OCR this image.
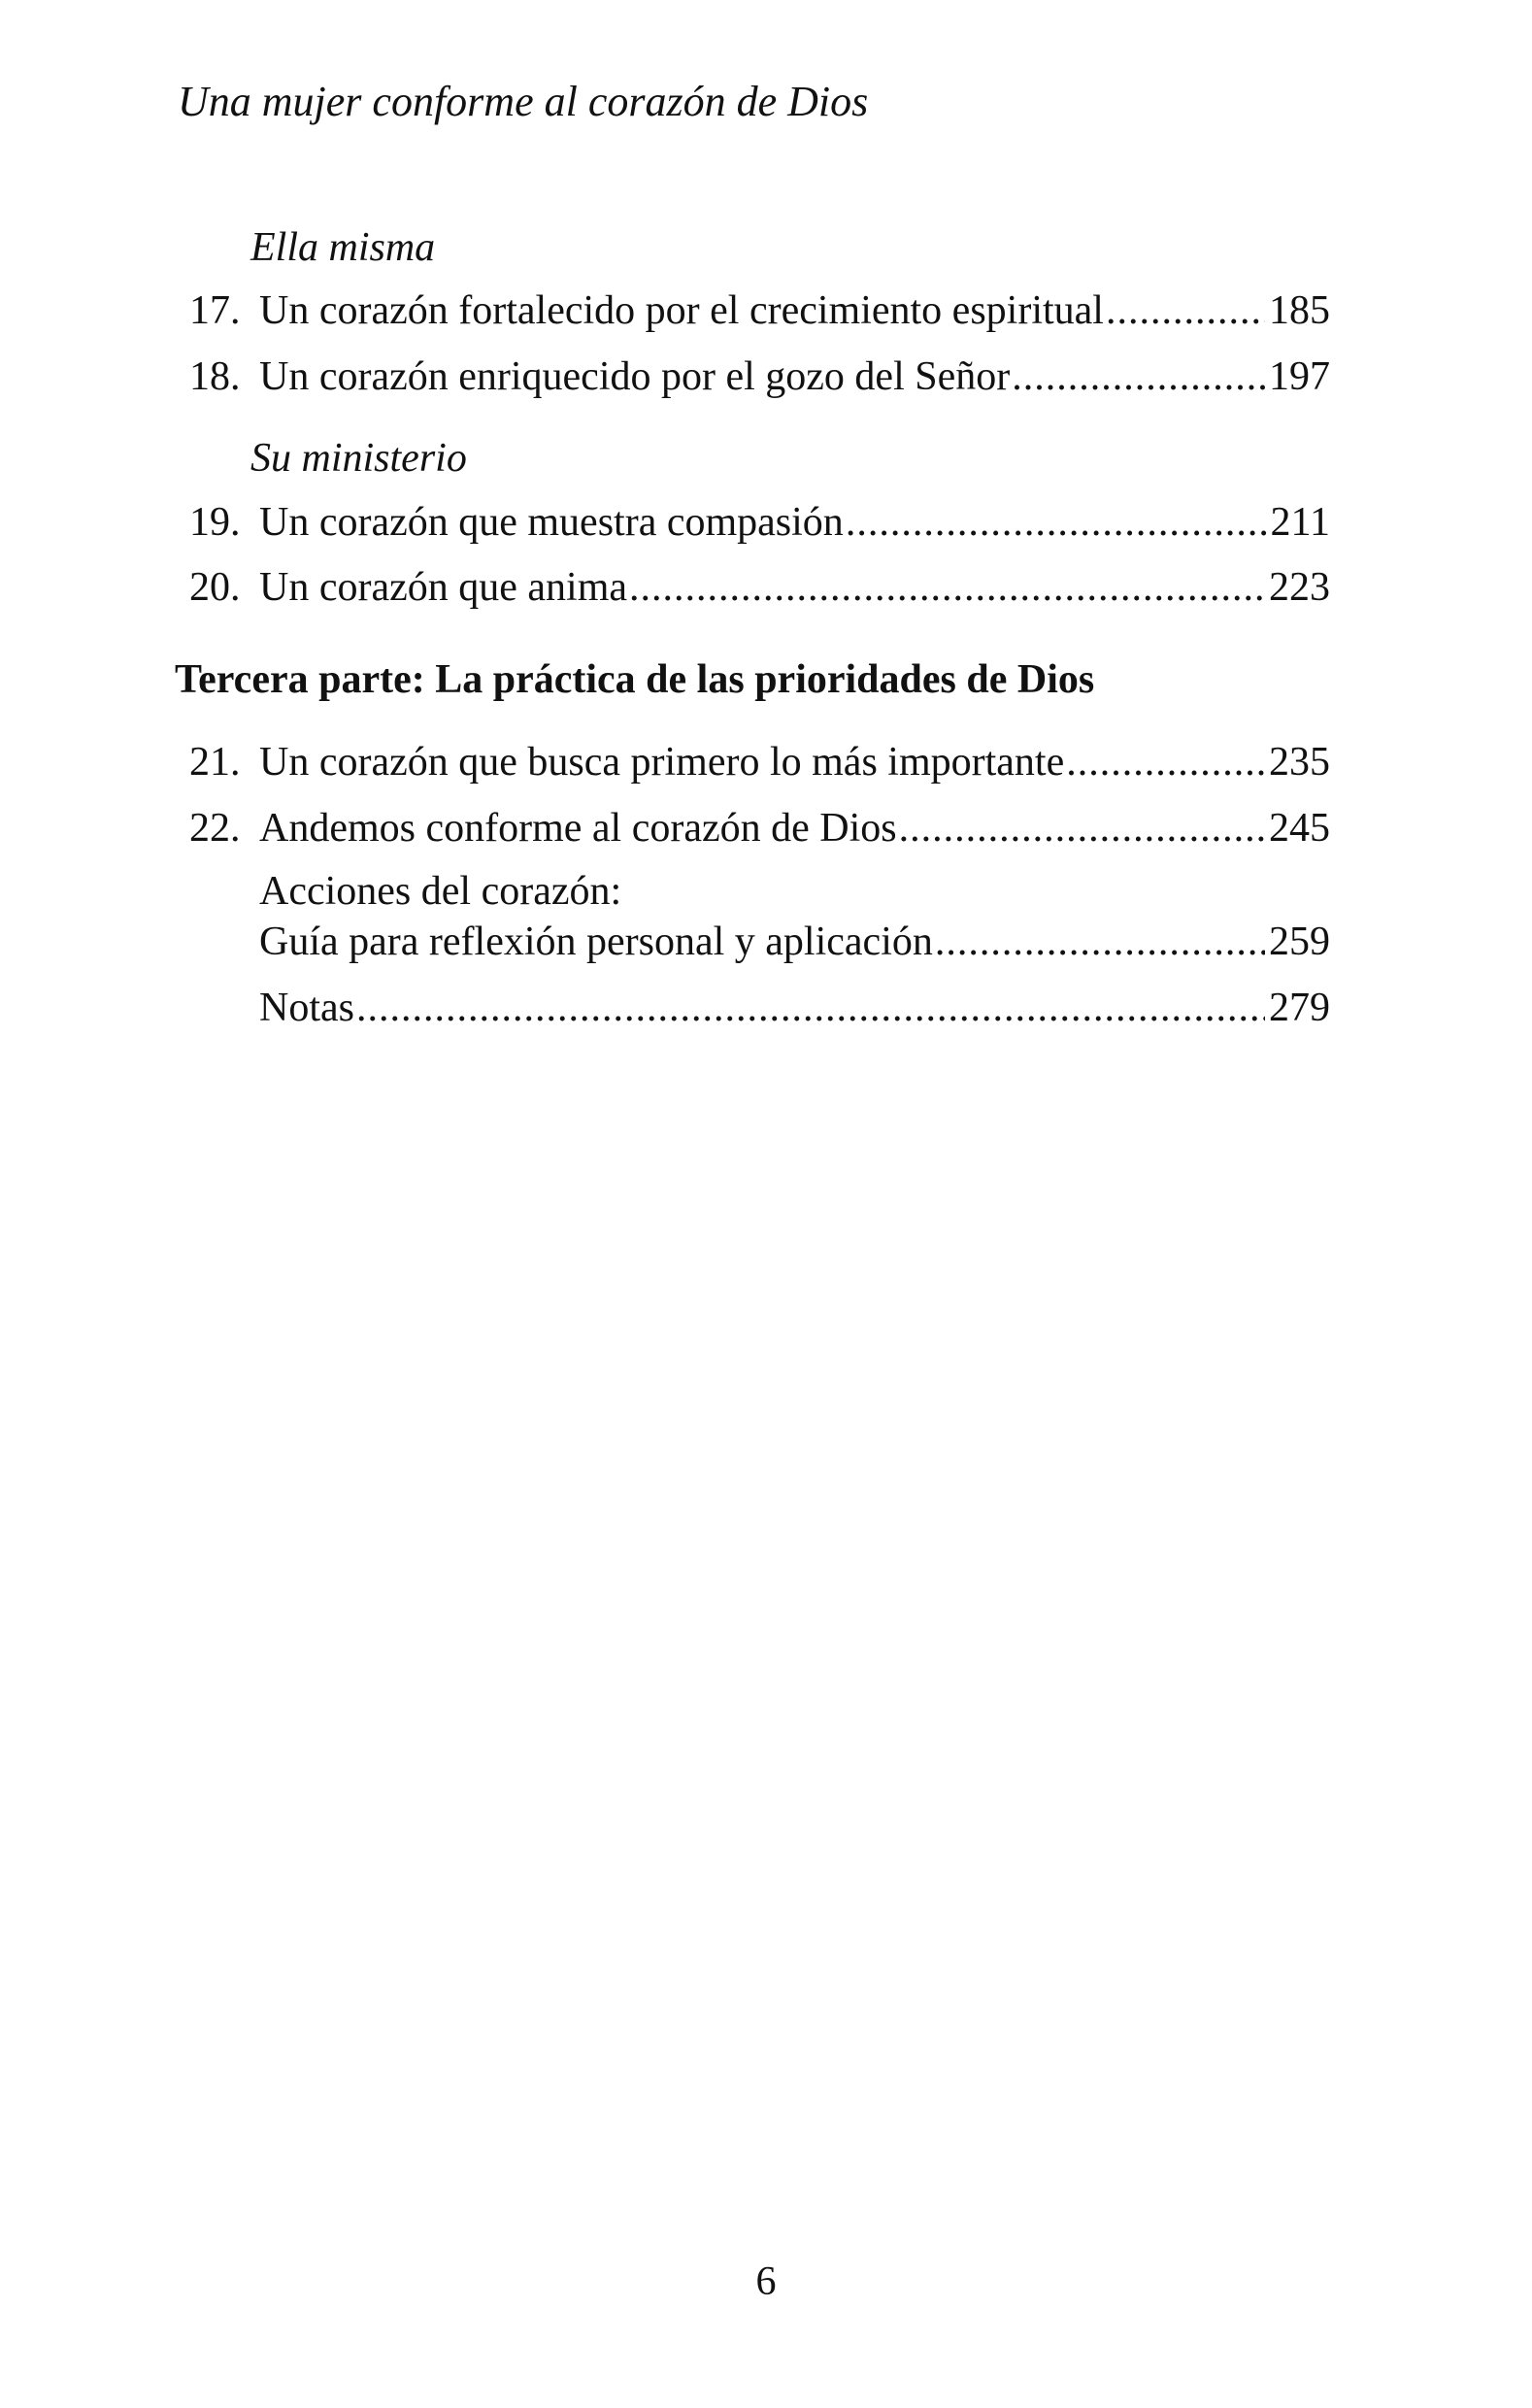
Una mujer conforme al corazón de Dios
Ella misma
17. Un corazón fortalecido por el crecimiento espiritual .....	185
18. Un corazón enriquecido por el gozo del Señor .....	197
Su ministerio
19. Un corazón que muestra compasión .....	211
20. Un corazón que anima .....	223
Tercera parte: La práctica de las prioridades de Dios
21. Un corazón que busca primero lo más importante .....	235
22. Andemos conforme al corazón de Dios .....	245
Acciones del corazón:
Guía para reflexión personal y aplicación .....	259
Notas .....	279
6
